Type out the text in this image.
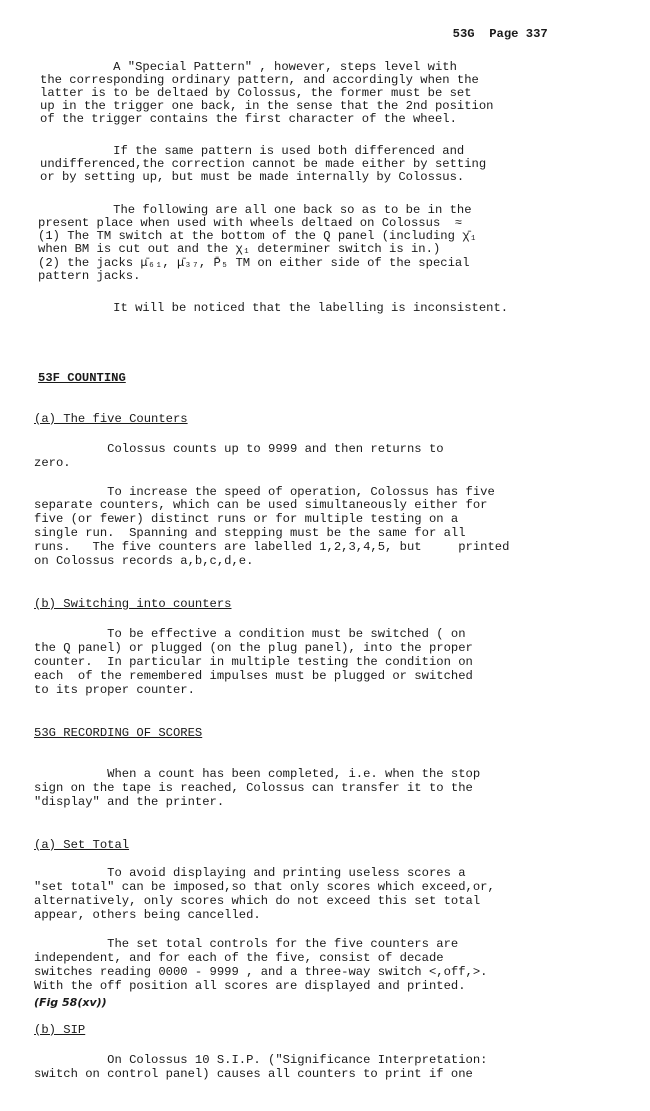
53G Page 337

A "Special Pattern" , however, steps level with
the corresponding ordinary pattern, and accordingly when the
latter is to be deltaed by Colossus, the former must be set
up in the trigger one back, in the sense that the 2nd position
of the trigger contains the first character of the wheel.
If the same pattern is used both differenced and
undifferenced,the correction cannot be made either by setting
or by setting up, but must be made internally by Colossus.
The following are all one back so as to be in the
present place when used with wheels deltaed on Colossus  ≈
(1) The TM switch at the bottom of the Q panel (including χ̄₁
when BM is cut out and the χ₁ determiner switch is in.)
(2) the jacks μ̄₆₁, μ̄₃₇, P̄₅ TM on either side of the special
pattern jacks.
It will be noticed that the labelling is inconsistent.
53F COUNTING
(a) The five Counters
Colossus counts up to 9999 and then returns to
zero.
To increase the speed of operation, Colossus has five
separate counters, which can be used simultaneously either for
five (or fewer) distinct runs or for multiple testing on a
single run.  Spanning and stepping must be the same for all
runs.   The five counters are labelled 1,2,3,4,5, but     printed
on Colossus records a,b,c,d,e.
(b) Switching into counters
To be effective a condition must be switched ( on
the Q panel) or plugged (on the plug panel), into the proper
counter.  In particular in multiple testing the condition on
each  of the remembered impulses must be plugged or switched
to its proper counter.
53G RECORDING OF SCORES
When a count has been completed, i.e. when the stop
sign on the tape is reached, Colossus can transfer it to the
"display" and the printer.
(a) Set Total
To avoid displaying and printing useless scores a
"set total" can be imposed,so that only scores which exceed,or,
alternatively, only scores which do not exceed this set total
appear, others being cancelled.
The set total controls for the five counters are
independent, and for each of the five, consist of decade
switches reading 0000 - 9999 , and a three-way switch <,off,>.
With the off position all scores are displayed and printed.
(Fig 58(xv))
(b) SIP
On Colossus 10 S.I.P. ("Significance Interpretation:
switch on control panel) causes all counters to print if one
